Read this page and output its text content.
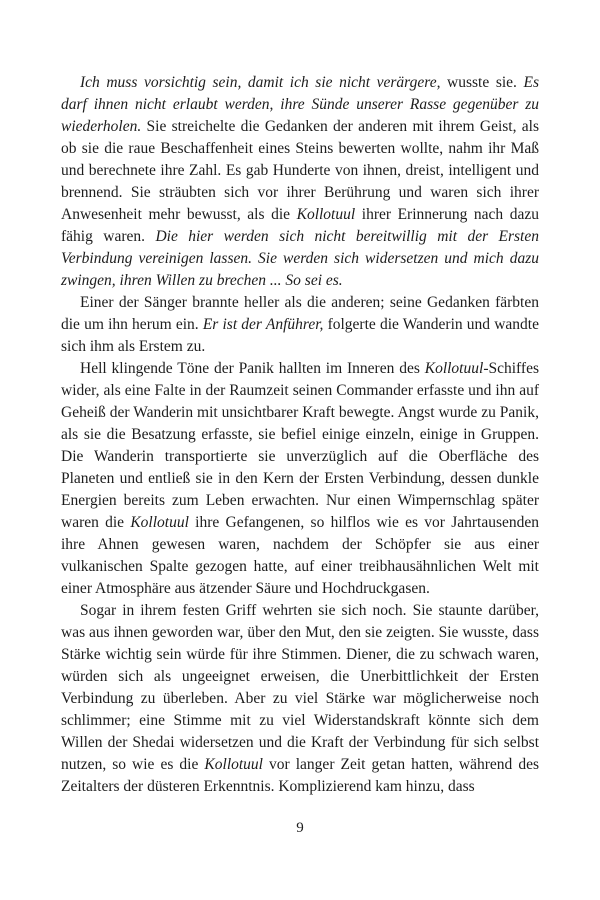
Ich muss vorsichtig sein, damit ich sie nicht verärgere, wusste sie. Es darf ihnen nicht erlaubt werden, ihre Sünde unserer Rasse gegenüber zu wiederholen. Sie streichelte die Gedanken der anderen mit ihrem Geist, als ob sie die raue Beschaffenheit eines Steins bewerten wollte, nahm ihr Maß und berechnete ihre Zahl. Es gab Hunderte von ihnen, dreist, intelligent und brennend. Sie sträubten sich vor ihrer Berührung und waren sich ihrer Anwesenheit mehr bewusst, als die Kollotuul ihrer Erinnerung nach dazu fähig waren. Die hier werden sich nicht bereitwillig mit der Ersten Verbindung vereinigen lassen. Sie werden sich widersetzen und mich dazu zwingen, ihren Willen zu brechen ... So sei es.

Einer der Sänger brannte heller als die anderen; seine Gedanken färbten die um ihn herum ein. Er ist der Anführer, folgerte die Wanderin und wandte sich ihm als Erstem zu.

Hell klingende Töne der Panik hallten im Inneren des Kollotuul-Schiffes wider, als eine Falte in der Raumzeit seinen Commander erfasste und ihn auf Geheiß der Wanderin mit unsichtbarer Kraft bewegte. Angst wurde zu Panik, als sie die Besatzung erfasste, sie befiel einige einzeln, einige in Gruppen. Die Wanderin transportierte sie unverzüglich auf die Oberfläche des Planeten und entließ sie in den Kern der Ersten Verbindung, dessen dunkle Energien bereits zum Leben erwachten. Nur einen Wimpernschlag später waren die Kollotuul ihre Gefangenen, so hilflos wie es vor Jahrtausenden ihre Ahnen gewesen waren, nachdem der Schöpfer sie aus einer vulkanischen Spalte gezogen hatte, auf einer treibhausähnlichen Welt mit einer Atmosphäre aus ätzender Säure und Hochdruckgasen.

Sogar in ihrem festen Griff wehrten sie sich noch. Sie staunte darüber, was aus ihnen geworden war, über den Mut, den sie zeigten. Sie wusste, dass Stärke wichtig sein würde für ihre Stimmen. Diener, die zu schwach waren, würden sich als ungeeignet erweisen, die Unerbittlichkeit der Ersten Verbindung zu überleben. Aber zu viel Stärke war möglicherweise noch schlimmer; eine Stimme mit zu viel Widerstandskraft könnte sich dem Willen der Shedai widersetzen und die Kraft der Verbindung für sich selbst nutzen, so wie es die Kollotuul vor langer Zeit getan hatten, während des Zeitalters der düsteren Erkenntnis. Komplizierend kam hinzu, dass

9
